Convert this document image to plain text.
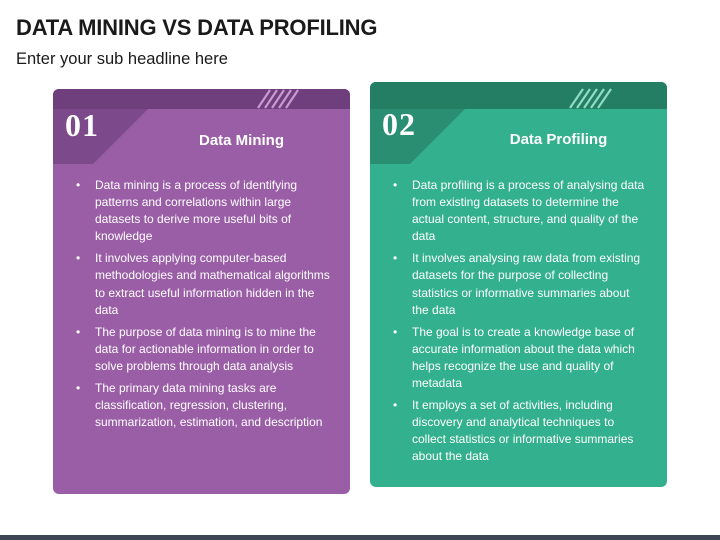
DATA MINING VS DATA PROFILING

Enter your sub headline here

01	Data Mining
• Data mining is a process of identifying patterns and correlations within large datasets to derive more useful bits of knowledge
• It involves applying computer-based methodologies and mathematical algorithms to extract useful information hidden in the data
• The purpose of data mining is to mine the data for actionable information in order to solve problems through data analysis
• The primary data mining tasks are classification, regression, clustering, summarization, estimation, and description
02	Data Profiling
• Data profiling is a process of analysing data from existing datasets to determine the actual content, structure, and quality of the data
• It involves analysing raw data from existing datasets for the purpose of collecting statistics or informative summaries about the data
• The goal is to create a knowledge base of accurate information about the data which helps recognize the use and quality of metadata
• It employs a set of activities, including discovery and analytical techniques to collect statistics or informative summaries about the data
